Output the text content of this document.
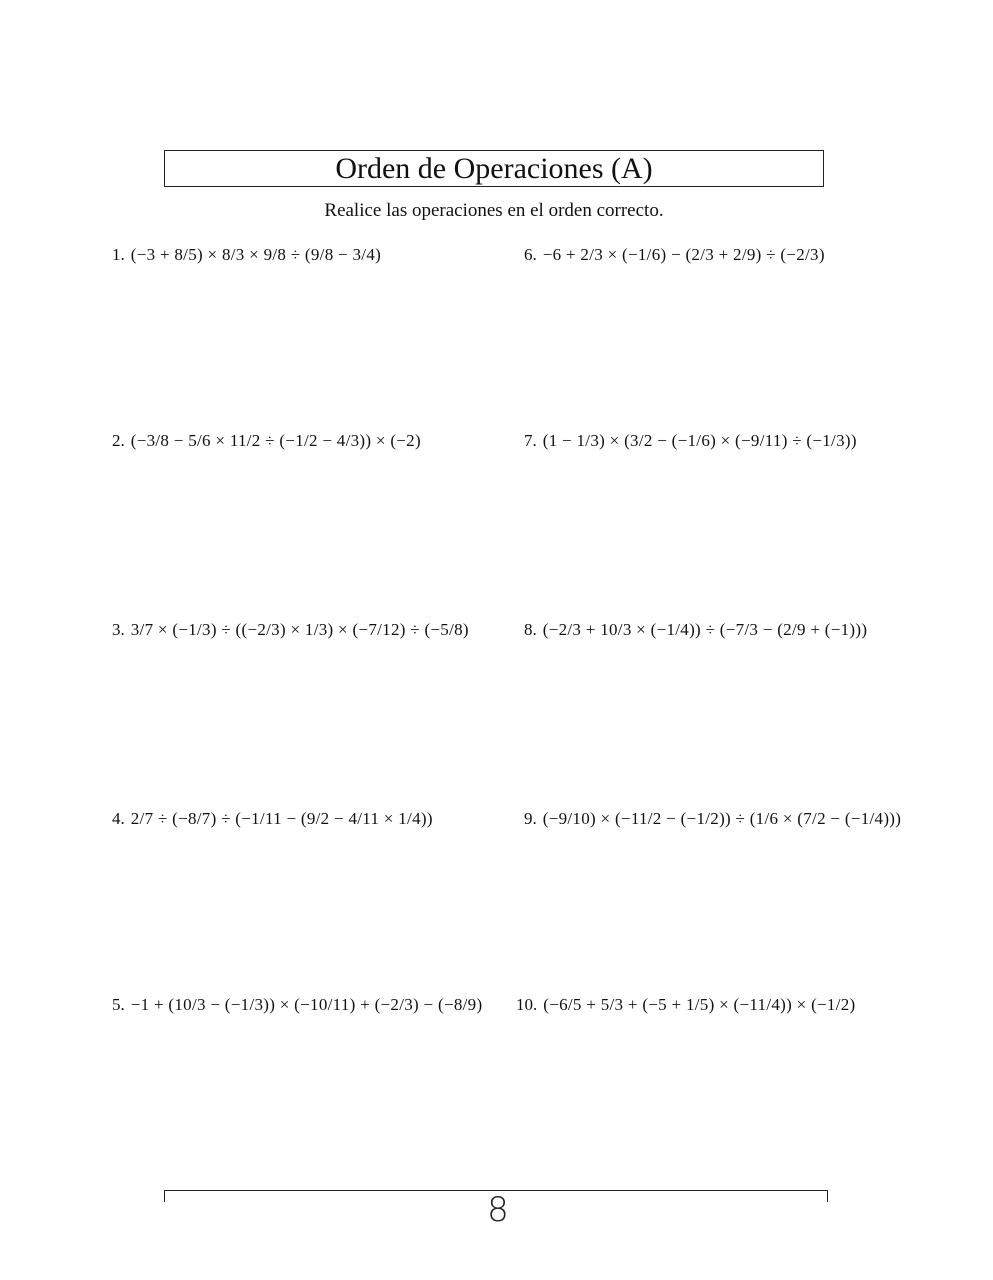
Orden de Operaciones (A)
Realice las operaciones en el orden correcto.
1. (−3 + 8/5) × 8/3 × 9/8 ÷ (9/8 − 3/4)
2. (−3/8 − 5/6 × 11/2 ÷ (−1/2 − 4/3)) × (−2)
3. 3/7 × (−1/3) ÷ ((−2/3) × 1/3) × (−7/12) ÷ (−5/8)
4. 2/7 ÷ (−8/7) ÷ (−1/11 − (9/2 − 4/11 × 1/4))
5. −1 + (10/3 − (−1/3)) × (−10/11) + (−2/3) − (−8/9)
6. −6 + 2/3 × (−1/6) − (2/3 + 2/9) ÷ (−2/3)
7. (1 − 1/3) × (3/2 − (−1/6) × (−9/11) ÷ (−1/3))
8. (−2/3 + 10/3 × (−1/4)) ÷ (−7/3 − (2/9 + (−1)))
9. (−9/10) × (−11/2 − (−1/2)) ÷ (1/6 × (7/2 − (−1/4)))
10. (−6/5 + 5/3 + (−5 + 1/5) × (−11/4)) × (−1/2)
8
